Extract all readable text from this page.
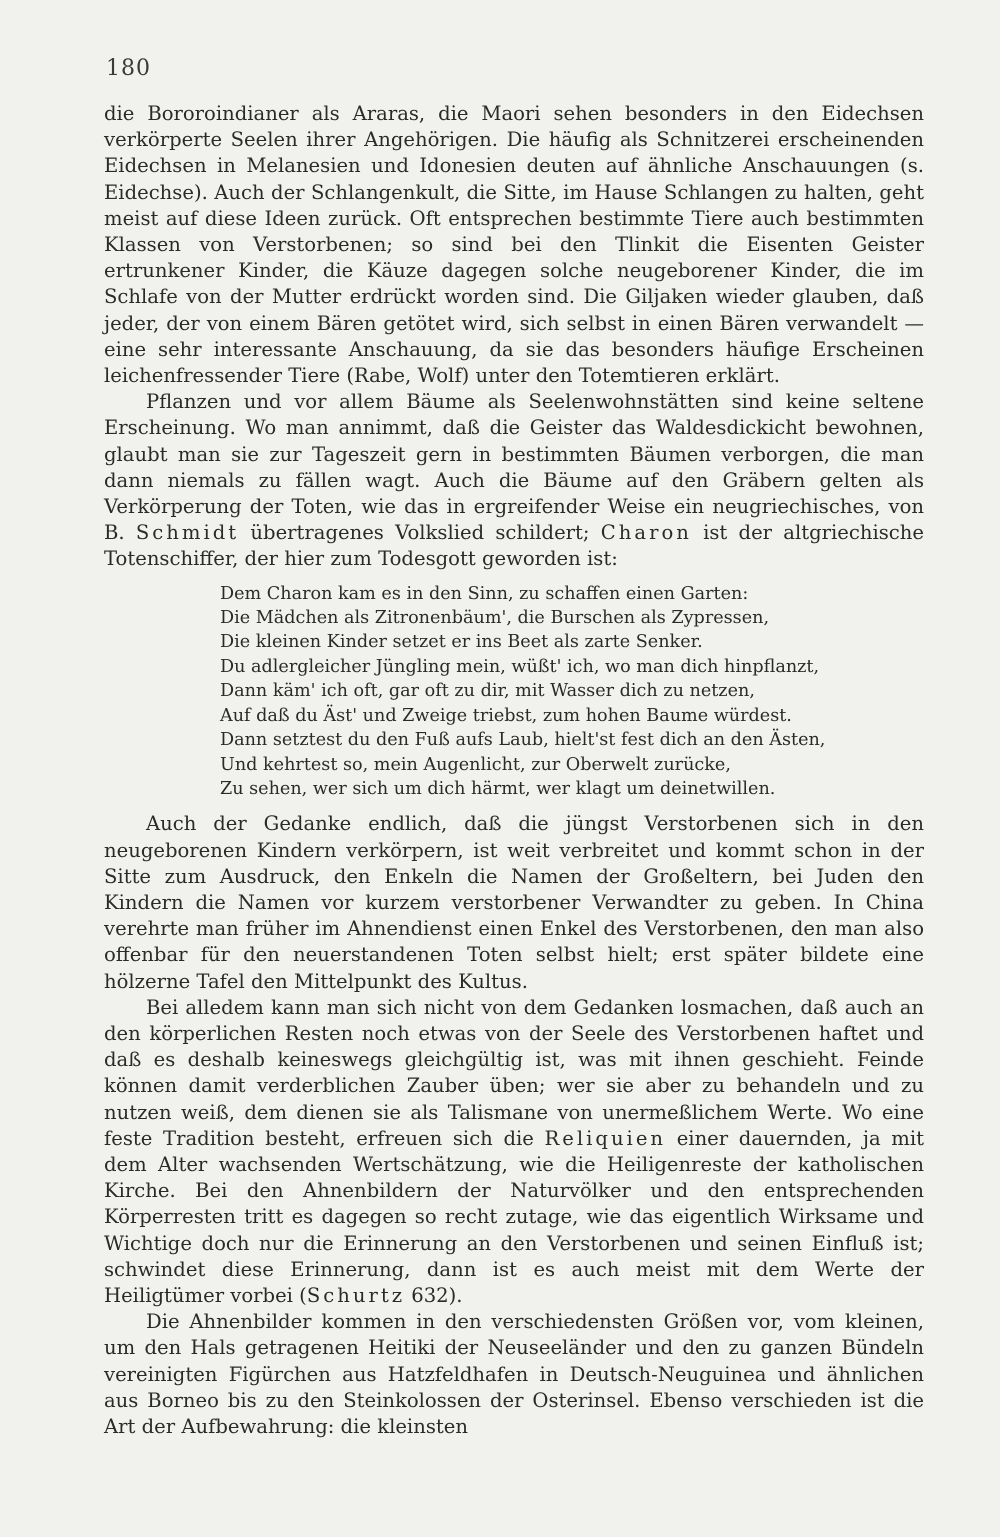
180

die Bororoindianer als Araras, die Maori sehen besonders in den Eidechsen verkörperte Seelen ihrer Angehörigen. Die häufig als Schnitzerei erscheinenden Eidechsen in Melanesien und Idonesien deuten auf ähnliche Anschauungen (s. Eidechse). Auch der Schlangenkult, die Sitte, im Hause Schlangen zu halten, geht meist auf diese Ideen zurück. Oft entsprechen bestimmte Tiere auch bestimmten Klassen von Verstorbenen; so sind bei den Tlinkit die Eisenten Geister ertrunkener Kinder, die Käuze dagegen solche neugeborener Kinder, die im Schlafe von der Mutter erdrückt worden sind. Die Giljaken wieder glauben, daß jeder, der von einem Bären getötet wird, sich selbst in einen Bären verwandelt — eine sehr interessante Anschauung, da sie das besonders häufige Erscheinen leichenfressender Tiere (Rabe, Wolf) unter den Totemtieren erklärt.

Pflanzen und vor allem Bäume als Seelenwohnstätten sind keine seltene Erscheinung. Wo man annimmt, daß die Geister das Waldesdickicht bewohnen, glaubt man sie zur Tageszeit gern in bestimmten Bäumen verborgen, die man dann niemals zu fällen wagt. Auch die Bäume auf den Gräbern gelten als Verkörperung der Toten, wie das in ergreifender Weise ein neugriechisches, von B. Schmidt übertragenes Volkslied schildert; Charon ist der altgriechische Totenschiffer, der hier zum Todesgott geworden ist:

Dem Charon kam es in den Sinn, zu schaffen einen Garten:
Die Mädchen als Zitronenbäum', die Burschen als Zypressen,
Die kleinen Kinder setzet er ins Beet als zarte Senker.
Du adlergleicher Jüngling mein, wüßt' ich, wo man dich hinpflanzt,
Dann käm' ich oft, gar oft zu dir, mit Wasser dich zu netzen,
Auf daß du Äst' und Zweige triebst, zum hohen Baume würdest.
Dann setztest du den Fuß aufs Laub, hielt'st fest dich an den Ästen,
Und kehrtest so, mein Augenlicht, zur Oberwelt zurücke,
Zu sehen, wer sich um dich härmt, wer klagt um deinetwillen.

Auch der Gedanke endlich, daß die jüngst Verstorbenen sich in den neugeborenen Kindern verkörpern, ist weit verbreitet und kommt schon in der Sitte zum Ausdruck, den Enkeln die Namen der Großeltern, bei Juden den Kindern die Namen vor kurzem verstorbener Verwandter zu geben. In China verehrte man früher im Ahnendienst einen Enkel des Verstorbenen, den man also offenbar für den neuerstandenen Toten selbst hielt; erst später bildete eine hölzerne Tafel den Mittelpunkt des Kultus.

Bei alledem kann man sich nicht von dem Gedanken losmachen, daß auch an den körperlichen Resten noch etwas von der Seele des Verstorbenen haftet und daß es deshalb keineswegs gleichgültig ist, was mit ihnen geschieht. Feinde können damit verderblichen Zauber üben; wer sie aber zu behandeln und zu nutzen weiß, dem dienen sie als Talismane von unermeßlichem Werte. Wo eine feste Tradition besteht, erfreuen sich die Reliquien einer dauernden, ja mit dem Alter wachsenden Wertschätzung, wie die Heiligenreste der katholischen Kirche. Bei den Ahnenbildern der Naturvölker und den entsprechenden Körperresten tritt es dagegen so recht zutage, wie das eigentlich Wirksame und Wichtige doch nur die Erinnerung an den Verstorbenen und seinen Einfluß ist; schwindet diese Erinnerung, dann ist es auch meist mit dem Werte der Heiligtümer vorbei (Schurtz 632).

Die Ahnenbilder kommen in den verschiedensten Größen vor, vom kleinen, um den Hals getragenen Heitiki der Neuseeländer und den zu ganzen Bündeln vereinigten Figürchen aus Hatzfeldhafen in Deutsch-Neuguinea und ähnlichen aus Borneo bis zu den Steinkolossen der Osterinsel. Ebenso verschieden ist die Art der Aufbewahrung: die kleinsten
